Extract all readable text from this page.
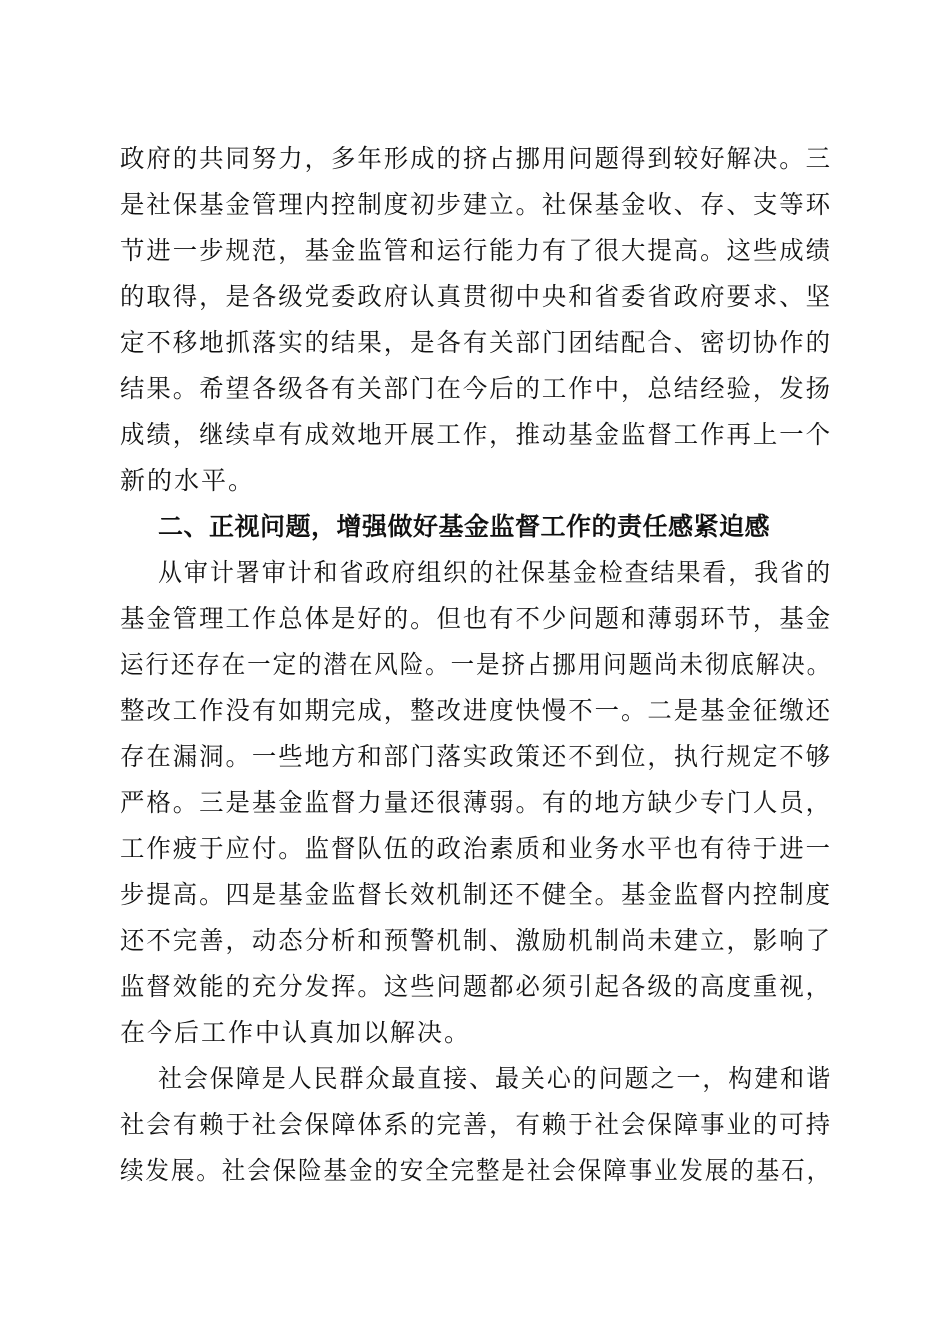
政府的共同努力，多年形成的挤占挪用问题得到较好解决。三
是社保基金管理内控制度初步建立。社保基金收、存、支等环
节进一步规范，基金监管和运行能力有了很大提高。这些成绩
的取得，是各级党委政府认真贯彻中央和省委省政府要求、坚
定不移地抓落实的结果，是各有关部门团结配合、密切协作的
结果。希望各级各有关部门在今后的工作中，总结经验，发扬
成绩，继续卓有成效地开展工作，推动基金监督工作再上一个
新的水平。
二、正视问题，增强做好基金监督工作的责任感紧迫感
从审计署审计和省政府组织的社保基金检查结果看，我省的
基金管理工作总体是好的。但也有不少问题和薄弱环节，基金
运行还存在一定的潜在风险。一是挤占挪用问题尚未彻底解决。
整改工作没有如期完成，整改进度快慢不一。二是基金征缴还
存在漏洞。一些地方和部门落实政策还不到位，执行规定不够
严格。三是基金监督力量还很薄弱。有的地方缺少专门人员，
工作疲于应付。监督队伍的政治素质和业务水平也有待于进一
步提高。四是基金监督长效机制还不健全。基金监督内控制度
还不完善，动态分析和预警机制、激励机制尚未建立，影响了
监督效能的充分发挥。这些问题都必须引起各级的高度重视，
在今后工作中认真加以解决。
社会保障是人民群众最直接、最关心的问题之一，构建和谐
社会有赖于社会保障体系的完善，有赖于社会保障事业的可持
续发展。社会保险基金的安全完整是社会保障事业发展的基石，
